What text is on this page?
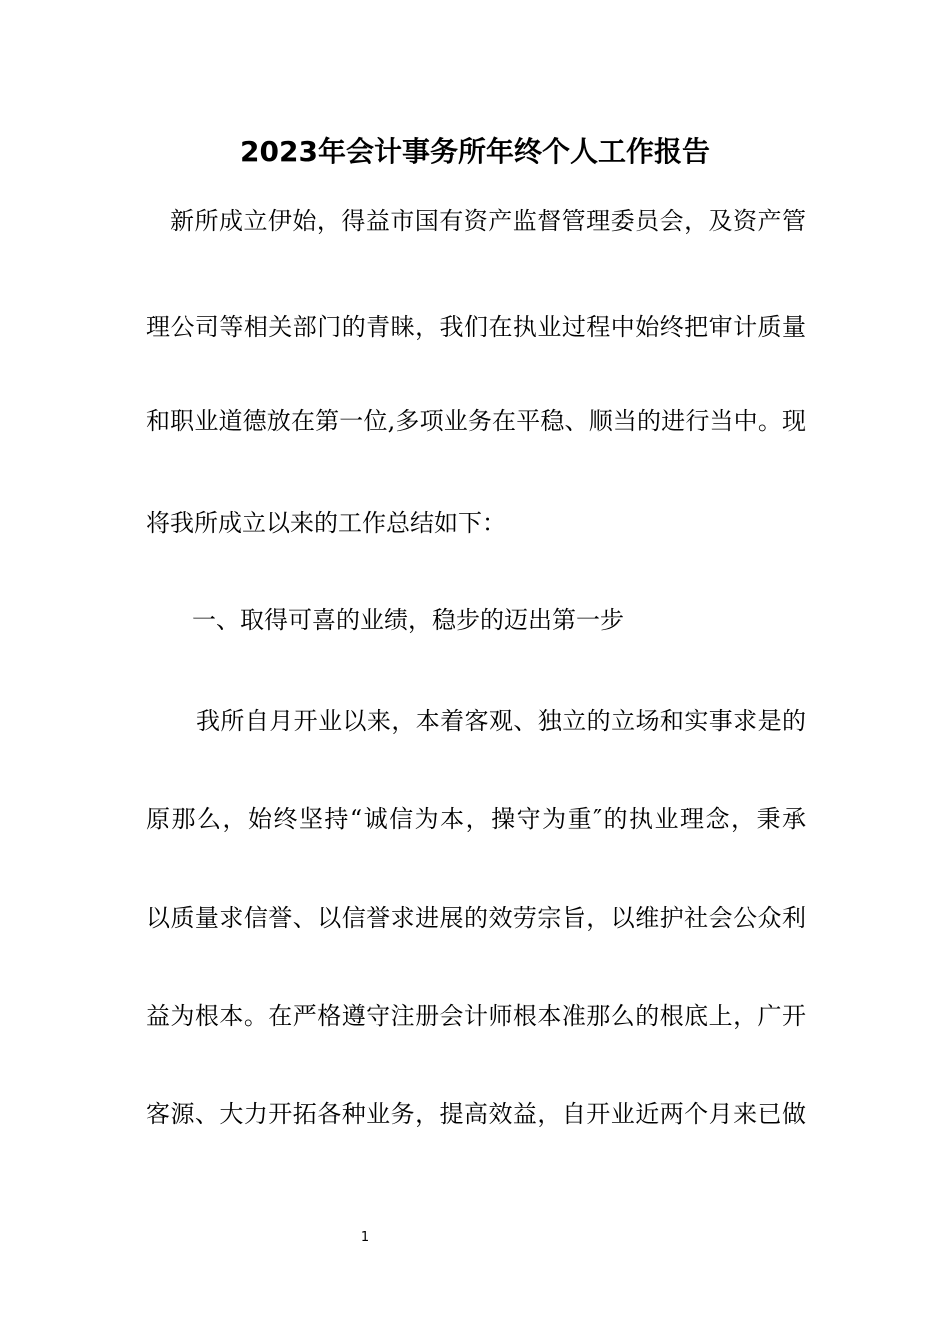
2023年会计事务所年终个人工作报告
新所成立伊始，得益市国有资产监督管理委员会，及资产管
理公司等相关部门的青睐，我们在执业过程中始终把审计质量
和职业道德放在第一位,多项业务在平稳、顺当的进行当中。现
将我所成立以来的工作总结如下：
一、取得可喜的业绩，稳步的迈出第一步
我所自月开业以来，本着客观、独立的立场和实事求是的
原那么，始终坚持“诚信为本，操守为重″的执业理念，秉承
以质量求信誉、以信誉求进展的效劳宗旨，以维护社会公众利
益为根本。在严格遵守注册会计师根本准那么的根底上，广开
客源、大力开拓各种业务，提高效益，自开业近两个月来已做
1
